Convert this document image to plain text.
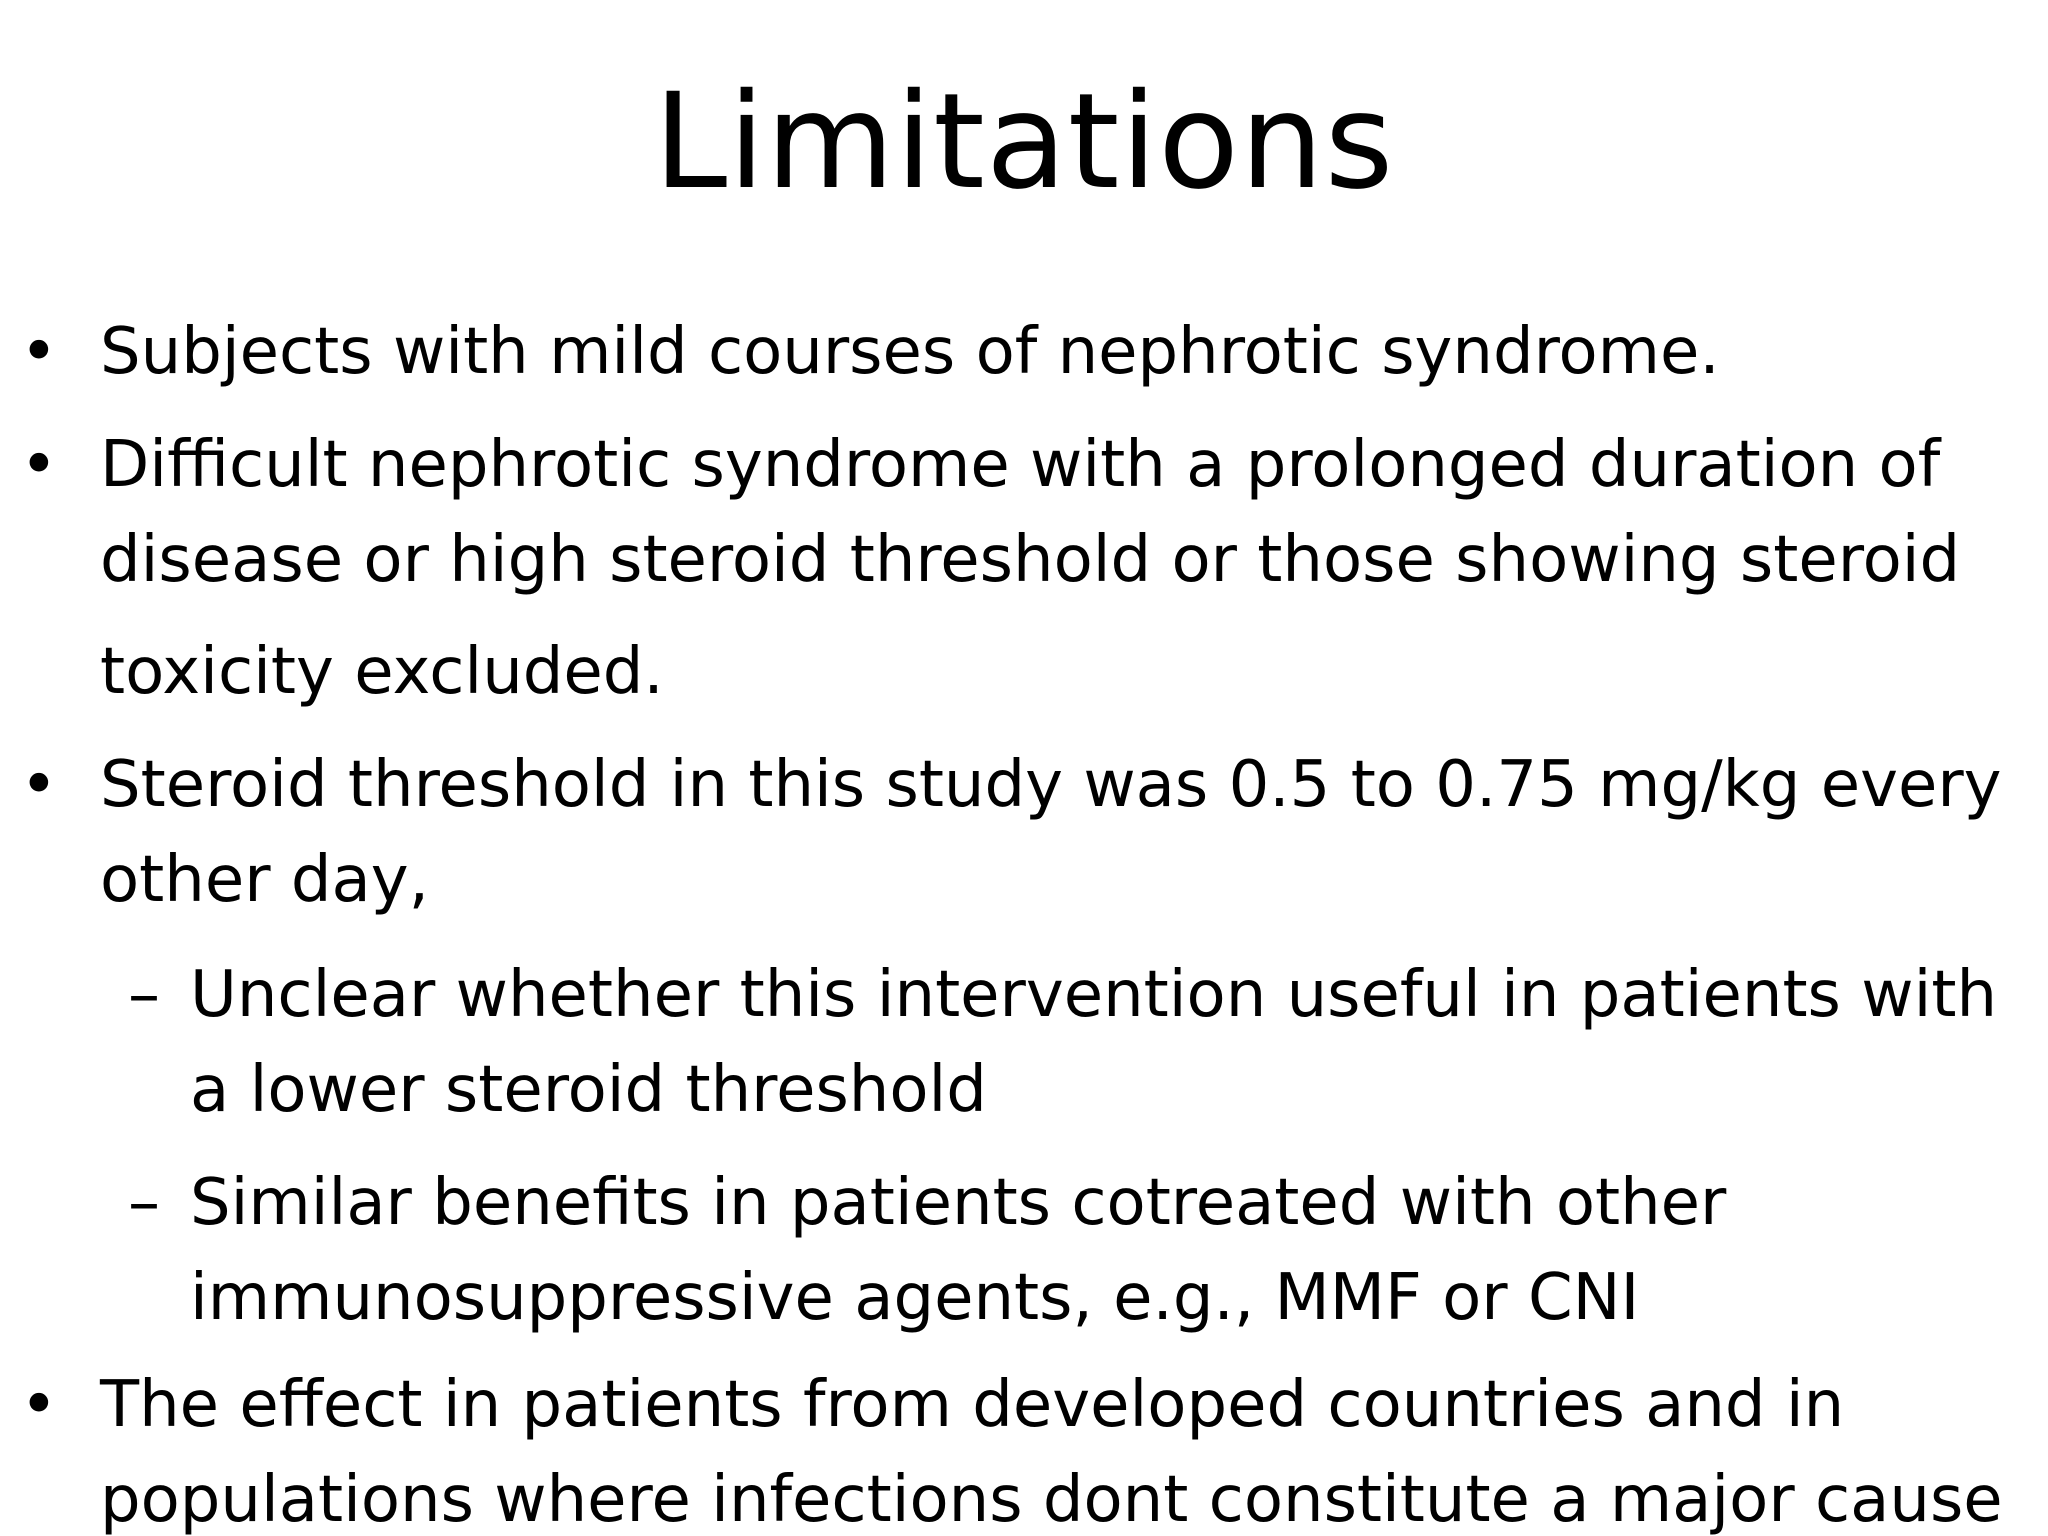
Limitations
• Subjects with mild courses of nephrotic syndrome.
• Difficult nephrotic syndrome with a prolonged duration of
disease or high steroid threshold or those showing steroid
toxicity excluded.
• Steroid threshold in this study was 0.5 to 0.75 mg/kg every
other day,
– Unclear whether this intervention useful in patients with
a lower steroid threshold
– Similar benefits in patients cotreated with other
immunosuppressive agents, e.g., MMF or CNI
• The effect in patients from developed countries and in
populations where infections dont constitute a major cause
